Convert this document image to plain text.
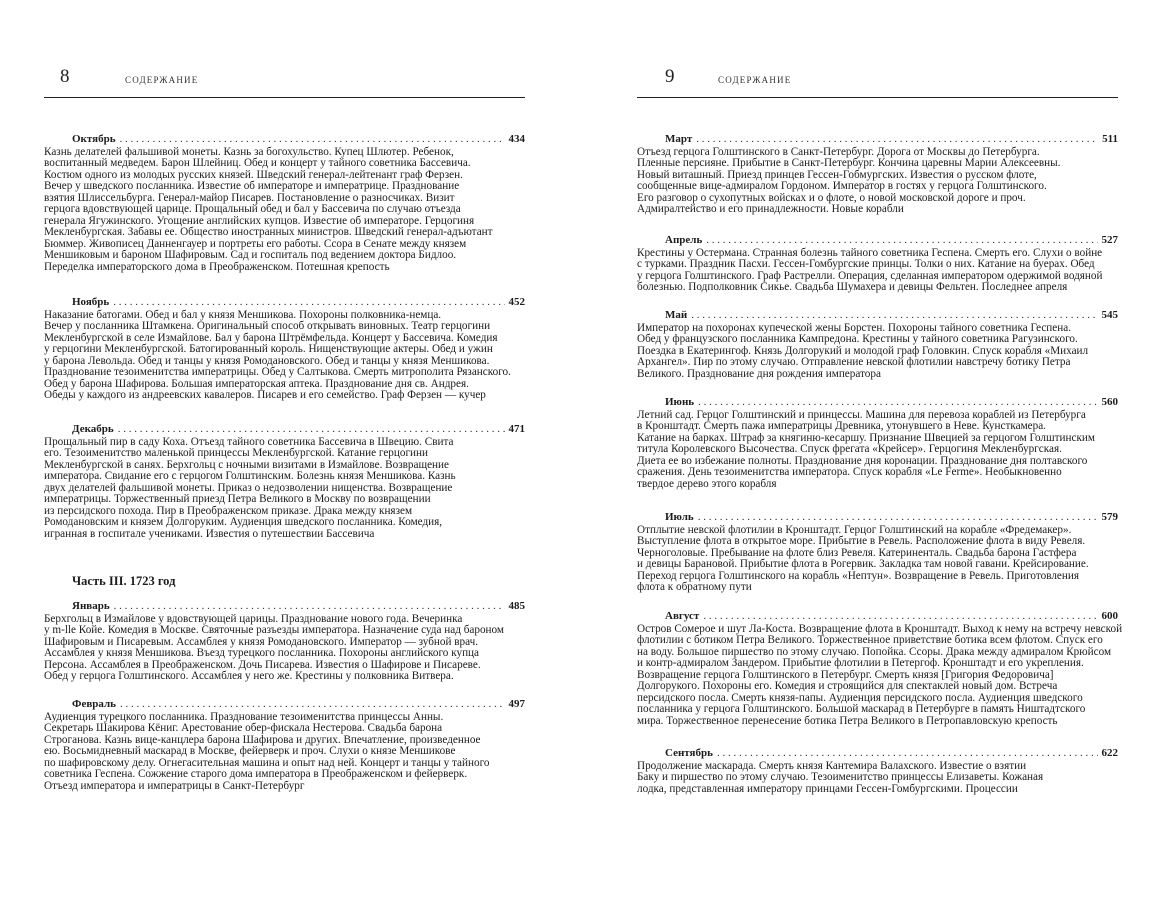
8	СОДЕРЖАНИЕ
Часть III. 1723 год
Октябрь . . .	434
Казнь делателей фальшивой монеты. Казнь за богохульство. Купец Шлютер. Ребенок,
воспитанный медведем. Барон Шлейниц. Обед и концерт у тайного советника Бассевича.
Костюм одного из молодых русских князей. Шведский генерал-лейтенант граф Ферзен.
Вечер у шведского посланника. Известие об императоре и императрице. Празднование
взятия Шлиссельбурга. Генерал-майор Писарев. Постановление о разносчиках. Визит
герцога вдовствующей царице. Прощальный обед и бал у Бассевича по случаю отъезда
генерала Ягужинского. Угощение английских купцов. Известие об императоре. Герцогиня
Мекленбургская. Забавы ее. Общество иностранных министров. Шведский генерал-адъютант
Бюммер. Живописец Данненгауер и портреты его работы. Ссора в Сенате между князем
Меншиковым и бароном Шафировым. Сад и госпиталь под ведением доктора Бидлоо.
Переделка императорского дома в Преображенском. Потешная крепость
Ноябрь . . .	452
Наказание батогами. Обед и бал у князя Меншикова. Похороны полковника-немца.
Вечер у посланника Штамкена. Оригинальный способ открывать виновных. Театр герцогини
Мекленбургской в селе Измайлове. Бал у барона Штрёмфельда. Концерт у Бассевича. Комедия
у герцогини Мекленбургской. Батогированный король. Нищенствующие актеры. Обед и ужин
у барона Левольда. Обед и танцы у князя Ромодановского. Обед и танцы у князя Меншикова.
Празднование тезоименитства императрицы. Обед у Салтыкова. Смерть митрополита Рязанского.
Обед у барона Шафирова. Большая императорская аптека. Празднование дня св. Андрея.
Обеды у каждого из андреевских кавалеров. Писарев и его семейство. Граф Ферзен — кучер
Декабрь . . .	471
Прощальный пир в саду Коха. Отъезд тайного советника Бассевича в Швецию. Свита
его. Тезоименитство маленькой принцессы Мекленбургской. Катание герцогини
Мекленбургской в санях. Берхгольц с ночными визитами в Измайлове. Возвращение
императора. Свидание его с герцогом Голштинским. Болезнь князя Меншикова. Казнь
двух делателей фальшивой монеты. Приказ о недозволении нищенства. Возвращение
императрицы. Торжественный приезд Петра Великого в Москву по возвращении
из персидского похода. Пир в Преображенском приказе. Драка между князем
Ромодановским и князем Долгоруким. Аудиенция шведского посланника. Комедия,
игранная в госпитале учениками. Известия о путешествии Бассевича
Январь . . .	485
Берхгольц в Измайлове у вдовствующей царицы. Празднование нового года. Вечеринка
у m-lle Койе. Комедия в Москве. Святочные разъезды императора. Назначение суда над бароном
Шафировым и Писаревым. Ассамблея у князя Ромодановского. Император — зубной врач.
Ассамблея у князя Меншикова. Въезд турецкого посланника. Похороны английского купца
Персона. Ассамблея в Преображенском. Дочь Писарева. Известия о Шафирове и Писареве.
Обед у герцога Голштинского. Ассамблея у него же. Крестины у полковника Витвера.
Февраль . . .	497
Аудиенция турецкого посланника. Празднование тезоименитства принцессы Анны.
Секретарь Шакирова Кёниг. Арестование обер-фискала Нестерова. Свадьба барона
Строганова. Казнь вице-канцлера барона Шафирова и других. Впечатление, произведенное
ею. Восьмидневный маскарад в Москве, фейерверк и проч. Слухи о князе Меншикове
по шафировскому делу. Огнегасительная машина и опыт над ней. Концерт и танцы у тайного
советника Геспена. Сожжение старого дома императора в Преображенском и фейерверк.
Отъезд императора и императрицы в Санкт-Петербург
9	СОДЕРЖАНИЕ
Март . . .	511
Отъезд герцога Голштинского в Санкт-Петербург. Дорога от Москвы до Петербурга.
Пленные персияне. Прибытие в Санкт-Петербург. Кончина царевны Марии Алексеевны.
Новый виташный. Приезд принцев Гессен-Гобмургских. Известия о русском флоте,
сообщенные вице-адмиралом Гордоном. Император в гостях у герцога Голштинского.
Его разговор о сухопутных войсках и о флоте, о новой московской дороге и проч.
Адмиралтейство и его принадлежности. Новые корабли
Апрель . . .	527
Крестины у Остермана. Странная болезнь тайного советника Геспена. Смерть его. Слухи о войне
с турками. Праздник Пасхи. Гессен-Гомбургские принцы. Толки о них. Катание на буерах. Обед
у герцога Голштинского. Граф Растрелли. Операция, сделанная императором одержимой водяной
болезнью. Подполковник Сикье. Свадьба Шумахера и девицы Фельтен. Последнее апреля
Май . . .	545
Император на похоронах купеческой жены Борстен. Похороны тайного советника Геспена.
Обед у французского посланника Кампредона. Крестины у тайного советника Рагузинского.
Поездка в Екатерингоф. Князь Долгорукий и молодой граф Головкин. Спуск корабля «Михаил
Архангел». Пир по этому случаю. Отправление невской флотилии навстречу ботику Петра
Великого. Празднование дня рождения императора
Июнь . . .	560
Летний сад. Герцог Голштинский и принцессы. Машина для перевоза кораблей из Петербурга
в Кронштадт. Смерть пажа императрицы Древника, утонувшего в Неве. Кунсткамера.
Катание на барках. Штраф за княгиню-кесаршу. Признание Швецией за герцогом Голштинским
титула Королевского Высочества. Спуск фрегата «Крейсер». Герцогиня Мекленбургская.
Диета ее во избежание полноты. Празднование дня коронации. Празднование дня полтавского
сражения. День тезоименитства императора. Спуск корабля «Le Ferme». Необыкновенно
твердое дерево этого корабля
Июль . . .	579
Отплытие невской флотилии в Кронштадт. Герцог Голштинский на корабле «Фредемакер».
Выступление флота в открытое море. Прибытие в Ревель. Расположение флота в виду Ревеля.
Черноголовые. Пребывание на флоте близ Ревеля. Катериненталь. Свадьба барона Гастфера
и девицы Барановой. Прибытие флота в Рогервик. Закладка там новой гавани. Крейсирование.
Переход герцога Голштинского на корабль «Нептун». Возвращение в Ревель. Приготовления
флота к обратному пути
Август . . .	600
Остров Сомерое и шут Ла-Коста. Возвращение флота в Кронштадт. Выход к нему на встречу невской
флотилии с ботиком Петра Великого. Торжественное приветствие ботика всем флотом. Спуск его
на воду. Большое пиршество по этому случаю. Попойка. Ссоры. Драка между адмиралом Крюйсом
и контр-адмиралом Зандером. Прибытие флотилии в Петергоф. Кронштадт и его укрепления.
Возвращение герцога Голштинского в Петербург. Смерть князя [Григория Федоровича]
Долгорукого. Похороны его. Комедия и строящийся для спектаклей новый дом. Встреча
персидского посла. Смерть князя-папы. Аудиенция персидского посла. Аудиенция шведского
посланника у герцога Голштинского. Большой маскарад в Петербурге в память Ништадтского
мира. Торжественное перенесение ботика Петра Великого в Петропавловскую крепость
Сентябрь . . .	622
Продолжение маскарада. Смерть князя Кантемира Валахского. Известие о взятии
Баку и пиршество по этому случаю. Тезоименитство принцессы Елизаветы. Кожаная
лодка, представленная императору принцами Гессен-Гомбургскими. Процессии
